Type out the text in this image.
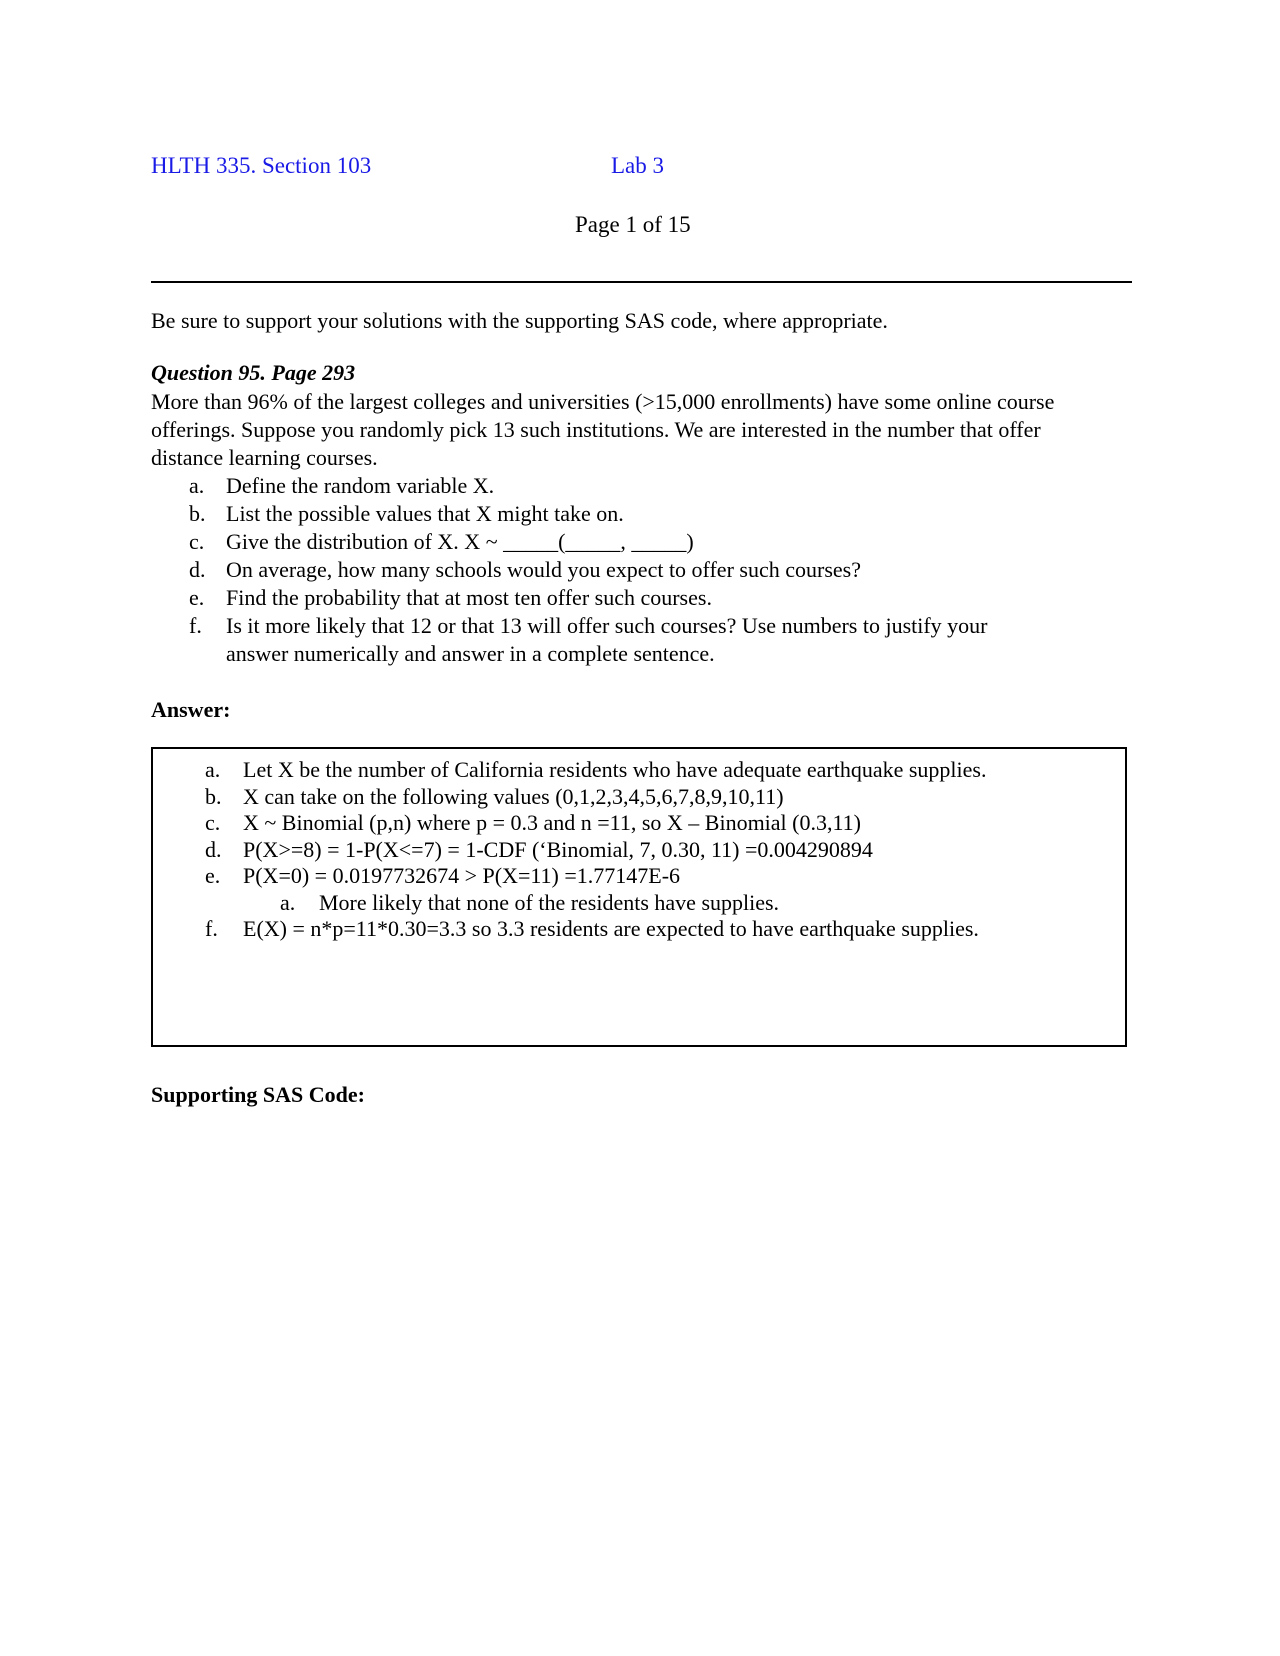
HLTH 335. Section 103	Lab 3
Page 1 of 15
Be sure to support your solutions with the supporting SAS code, where appropriate.
Question 95. Page 293
More than 96% of the largest colleges and universities (>15,000 enrollments) have some online course offerings. Suppose you randomly pick 13 such institutions. We are interested in the number that offer distance learning courses.
a. Define the random variable X.
b. List the possible values that X might take on.
c. Give the distribution of X. X ~ _____(_____, _____)
d. On average, how many schools would you expect to offer such courses?
e. Find the probability that at most ten offer such courses.
f.	Is it more likely that 12 or that 13 will offer such courses? Use numbers to justify your answer numerically and answer in a complete sentence.
Answer:
a.	Let X be the number of California residents who have adequate earthquake supplies.
b. X can take on the following values (0,1,2,3,4,5,6,7,8,9,10,11)
c.	X ~ Binomial (p,n) where p = 0.3 and n =11, so X – Binomial (0.3,11)
d. P(X>=8) = 1-P(X<=7) = 1-CDF (‘Binomial, 7, 0.30, 11) =0.004290894
e.	P(X=0) = 0.0197732674 > P(X=11) =1.77147E-6
a.	More likely that none of the residents have supplies.
f.	E(X) = n*p=11*0.30=3.3 so 3.3 residents are expected to have earthquake supplies.
Supporting SAS Code:
